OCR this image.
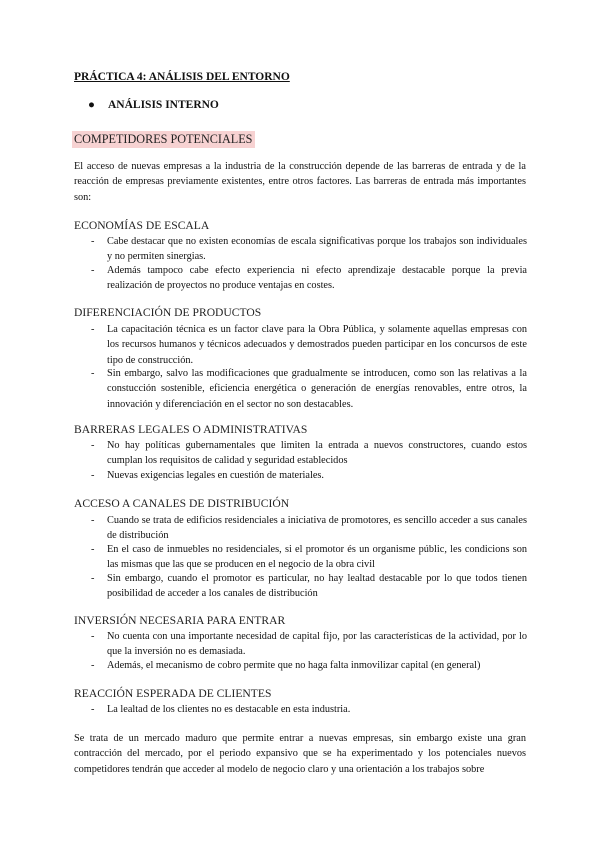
PRÁCTICA 4: ANÁLISIS DEL ENTORNO
● ANÁLISIS INTERNO
COMPETIDORES POTENCIALES
El acceso de nuevas empresas a la industria de la construcción depende de las barreras de entrada y de la reacción de empresas previamente existentes, entre otros factores. Las barreras de entrada más importantes son:
ECONOMÍAS DE ESCALA
- Cabe destacar que no existen economías de escala significativas porque los trabajos son individuales y no permiten sinergias.
- Además tampoco cabe efecto experiencia ni efecto aprendizaje destacable porque la previa realización de proyectos no produce ventajas en costes.
DIFERENCIACIÓN DE PRODUCTOS
- La capacitación técnica es un factor clave para la Obra Pública, y solamente aquellas empresas con los recursos humanos y técnicos adecuados y demostrados pueden participar en los concursos de este tipo de construcción.
- Sin embargo, salvo las modificaciones que gradualmente se introducen, como son las relativas a la constucción sostenible, eficiencia energética o generación de energías renovables, entre otros, la innovación y diferenciación en el sector no son destacables.
BARRERAS LEGALES O ADMINISTRATIVAS
- No hay políticas gubernamentales que limiten la entrada a nuevos constructores, cuando estos cumplan los requisitos de calidad y seguridad establecidos
- Nuevas exigencias legales en cuestión de materiales.
ACCESO A CANALES DE DISTRIBUCIÓN
- Cuando se trata de edificios residenciales a iniciativa de promotores, es sencillo acceder a sus canales de distribución
- En el caso de inmuebles no residenciales, si el promotor és un organisme públic, les condicions son las mismas que las que se producen en el negocio de la obra civil
- Sin embargo, cuando el promotor es particular, no hay lealtad destacable por lo que todos tienen posibilidad de acceder a los canales de distribución
INVERSIÓN NECESARIA PARA ENTRAR
- No cuenta con una importante necesidad de capital fijo, por las características de la actividad, por lo que la inversión no es demasiada.
- Además, el mecanismo de cobro permite que no haga falta inmovilizar capital (en general)
REACCIÓN ESPERADA DE CLIENTES
- La lealtad de los clientes no es destacable en esta industria.
Se trata de un mercado maduro que permite entrar a nuevas empresas, sin embargo existe una gran contracción del mercado, por el periodo expansivo que se ha experimentado y los potenciales nuevos competidores tendrán que acceder al modelo de negocio claro y una orientación a los trabajos sobre
